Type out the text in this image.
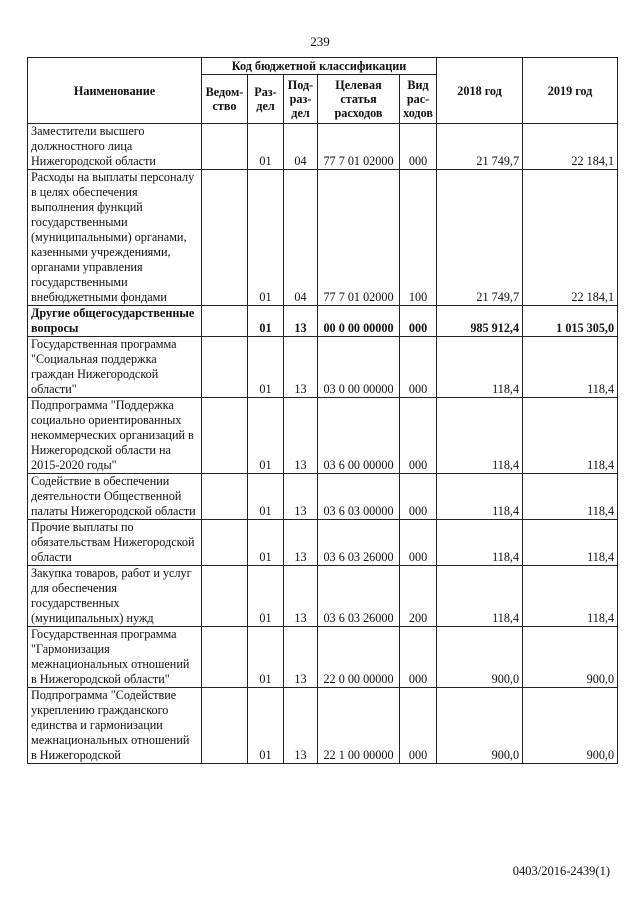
239
Наименование	Код бюджетной классификации					2018 год	2019 год
	Ведом-ство	Раз-дел	Под-раз-дел	Целевая статья расходов	Вид рас-ходов		
Заместители высшего должностного лица Нижегородской области		01	04	77 7 01 02000	000	21 749,7	22 184,1
Расходы на выплаты персоналу в целях обеспечения выполнения функций государственными (муниципальными) органами, казенными учреждениями, органами управления государственными внебюджетными фондами		01	04	77 7 01 02000	100	21 749,7	22 184,1
Другие общегосударственные вопросы		01	13	00 0 00 00000	000	985 912,4	1 015 305,0
Государственная программа "Социальная поддержка граждан Нижегородской области"		01	13	03 0 00 00000	000	118,4	118,4
Подпрограмма "Поддержка социально ориентированных некоммерческих организаций в Нижегородской области на 2015-2020 годы"		01	13	03 6 00 00000	000	118,4	118,4
Содействие в обеспечении деятельности Общественной палаты Нижегородской области		01	13	03 6 03 00000	000	118,4	118,4
Прочие выплаты по обязательствам Нижегородской области		01	13	03 6 03 26000	000	118,4	118,4
Закупка товаров, работ и услуг для обеспечения государственных (муниципальных) нужд		01	13	03 6 03 26000	200	118,4	118,4
Государственная программа "Гармонизация межнациональных отношений в Нижегородской области"		01	13	22 0 00 00000	000	900,0	900,0
Подпрограмма "Содействие укреплению гражданского единства и гармонизации межнациональных отношений в Нижегородской		01	13	22 1 00 00000	000	900,0	900,0
0403/2016-2439(1)
